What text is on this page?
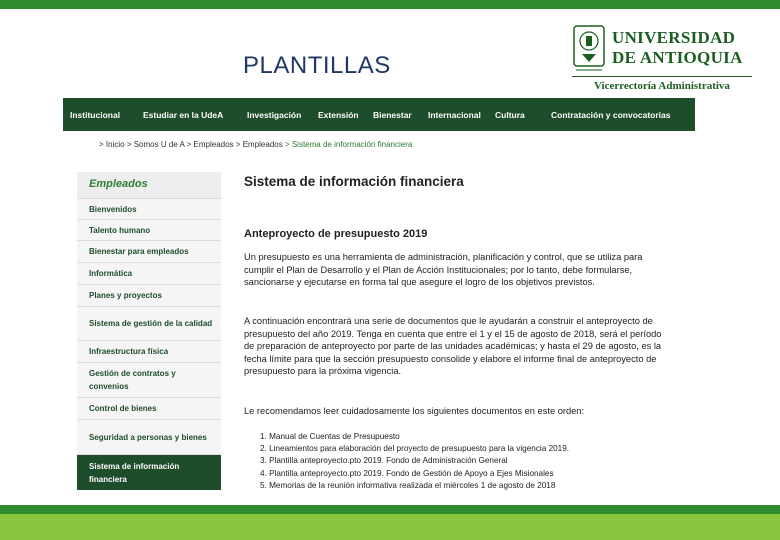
PLANTILLAS
UNIVERSIDAD
DE ANTIOQUIA
Vicerrectoría Administrativa
Institucional	Estudiar en la UdeA	Investigación Extensión Bienestar Internacional Cultura	Contratación y convocatorias
> Inicio > Somos U de A > Empleados > Empleados > Sistema de información financiera
Empleados
Bienvenidos
Talento humano
Bienestar para empleados
Informática
Planes y proyectos
Sistema de gestión de la calidad
Infraestructura física
Gestión de contratos y convenios
Control de bienes
Seguridad a personas y bienes
Sistema de información financiera
Sistema de información financiera
Anteproyecto de presupuesto 2019

Un presupuesto es una herramienta de administración, planificación y control, que se utiliza para cumplir el Plan de Desarrollo y el Plan de Acción Institucionales; por lo tanto, debe formularse, sancionarse y ejecutarse en forma tal que asegure el logro de los objetivos previstos.

A continuación encontrará una serie de documentos que le ayudarán a construir el anteproyecto de presupuesto del año 2019. Tenga en cuenta que entre el 1 y el 15 de agosto de 2018, será el período de preparación de anteproyecto por parte de las unidades académicas; y hasta el 29 de agosto, es la fecha límite para que la sección presupuesto consolide y elabore el informe final de anteproyecto de presupuesto para la próxima vigencia.

Le recomendamos leer cuidadosamente los siguientes documentos en este orden:

1. Manual de Cuentas de Presupuesto
2. Lineamientos para elaboración del proyecto de presupuesto para la vigencia 2019.
3. Plantilla anteproyecto.pto 2019. Fondo de Administración General
4. Plantilla anteproyecto.pto 2019. Fondo de Gestión de Apoyo a Ejes Misionales
5. Memorias de la reunión informativa realizada el miércoles 1 de agosto de 2018
